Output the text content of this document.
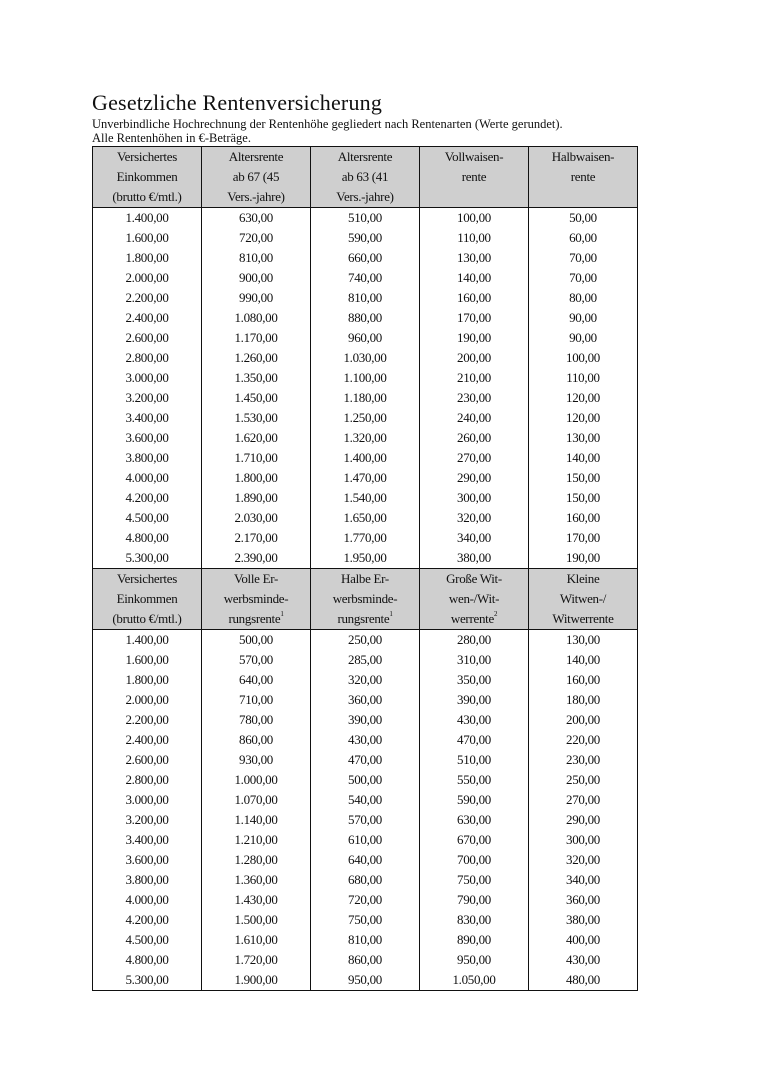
Gesetzliche Rentenversicherung
Unverbindliche Hochrechnung der Rentenhöhe gegliedert nach Rentenarten (Werte gerundet).
Alle Rentenhöhen in €-Beträge.
Versichertes	Altersrente	Altersrente	Vollwaisen-	Halbwaisen-
Einkommen	ab 67 (45	ab 63 (41	rente	rente
(brutto €/mtl.)	Vers.-jahre)	Vers.-jahre)		
1.400,00	630,00	510,00	100,00	50,00
1.600,00	720,00	590,00	110,00	60,00
1.800,00	810,00	660,00	130,00	70,00
2.000,00	900,00	740,00	140,00	70,00
2.200,00	990,00	810,00	160,00	80,00
2.400,00	1.080,00	880,00	170,00	90,00
2.600,00	1.170,00	960,00	190,00	90,00
2.800,00	1.260,00	1.030,00	200,00	100,00
3.000,00	1.350,00	1.100,00	210,00	110,00
3.200,00	1.450,00	1.180,00	230,00	120,00
3.400,00	1.530,00	1.250,00	240,00	120,00
3.600,00	1.620,00	1.320,00	260,00	130,00
3.800,00	1.710,00	1.400,00	270,00	140,00
4.000,00	1.800,00	1.470,00	290,00	150,00
4.200,00	1.890,00	1.540,00	300,00	150,00
4.500,00	2.030,00	1.650,00	320,00	160,00
4.800,00	2.170,00	1.770,00	340,00	170,00
5.300,00	2.390,00	1.950,00	380,00	190,00
Versichertes	Volle Er-	Halbe Er-	Große Wit-	Kleine
Einkommen	werbsminde-	werbsminde-	wen-/Wit-	Witwen-/
(brutto €/mtl.)	rungsrente$^1$	rungsrente$^1$	werrente$^2$	Witwerrente
1.400,00	500,00	250,00	280,00	130,00
1.600,00	570,00	285,00	310,00	140,00
1.800,00	640,00	320,00	350,00	160,00
2.000,00	710,00	360,00	390,00	180,00
2.200,00	780,00	390,00	430,00	200,00
2.400,00	860,00	430,00	470,00	220,00
2.600,00	930,00	470,00	510,00	230,00
2.800,00	1.000,00	500,00	550,00	250,00
3.000,00	1.070,00	540,00	590,00	270,00
3.200,00	1.140,00	570,00	630,00	290,00
3.400,00	1.210,00	610,00	670,00	300,00
3.600,00	1.280,00	640,00	700,00	320,00
3.800,00	1.360,00	680,00	750,00	340,00
4.000,00	1.430,00	720,00	790,00	360,00
4.200,00	1.500,00	750,00	830,00	380,00
4.500,00	1.610,00	810,00	890,00	400,00
4.800,00	1.720,00	860,00	950,00	430,00
5.300,00	1.900,00	950,00	1.050,00	480,00
